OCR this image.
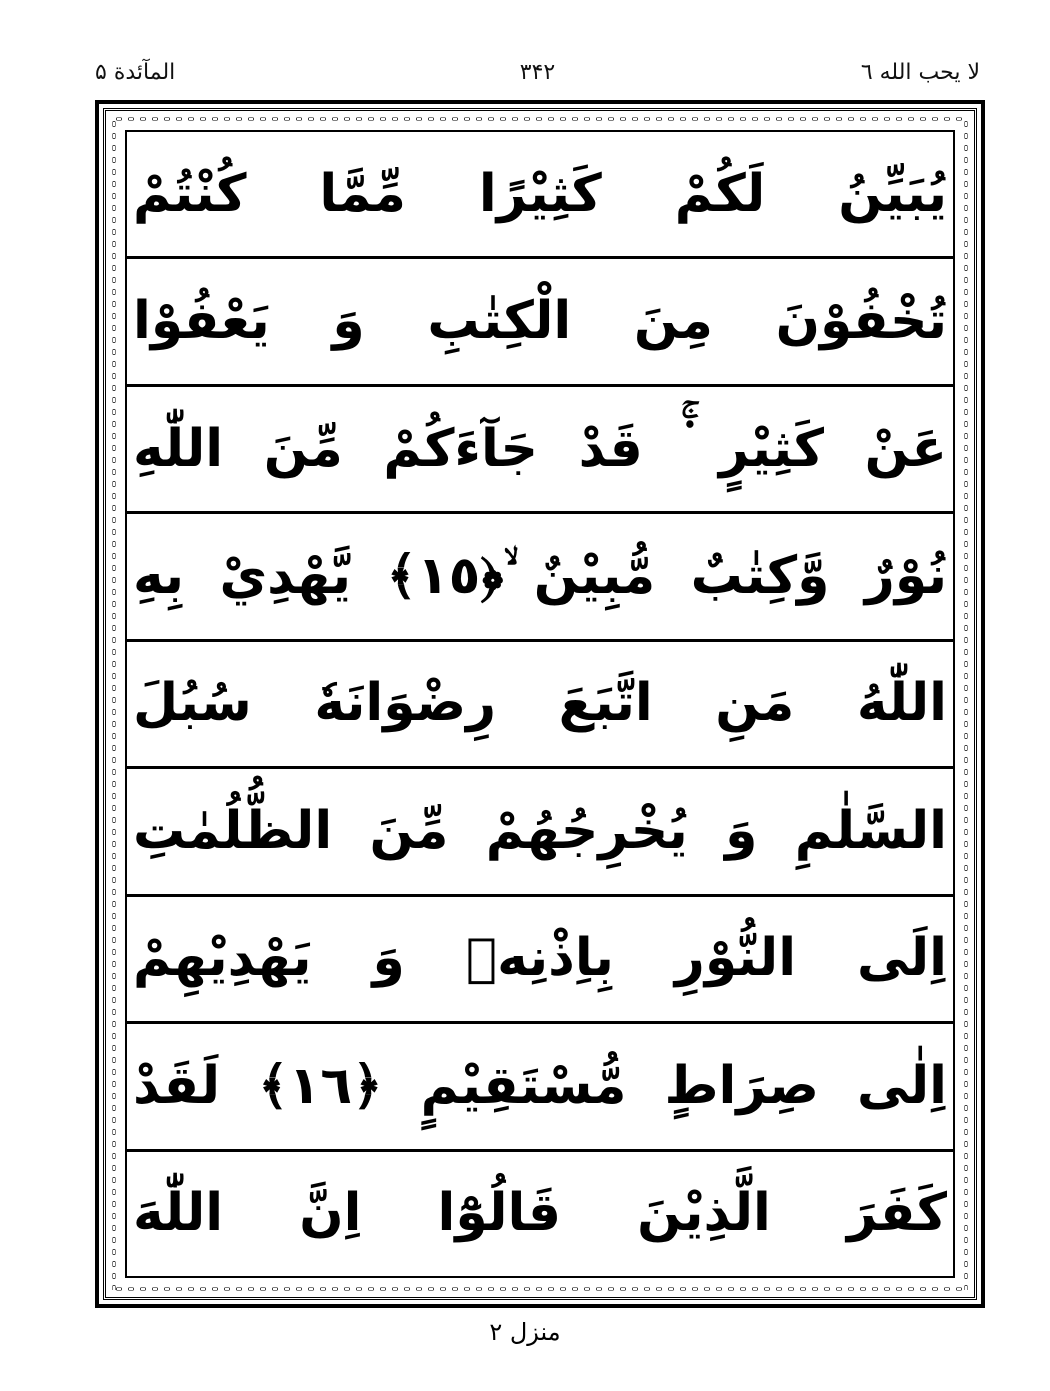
لا یحب الله ٦
٣۴٢
المآئدة ۵
يُبَيِّنُ لَكُمْ كَثِيْرًا مِّمَّا كُنْتُمْ
تُخْفُوْنَ مِنَ الْكِتٰبِ وَ يَعْفُوْا
عَنْ كَثِيْرٍ ۬ۚ قَدْ جَآءَكُمْ مِّنَ اللّٰهِ
نُوْرٌ وَّكِتٰبٌ مُّبِيْنٌ ۙ﴿١٥﴾ يَّهْدِيْ بِهِ
اللّٰهُ مَنِ اتَّبَعَ رِضْوَانَهٗ سُبُلَ
السَّلٰمِ وَ يُخْرِجُهُمْ مِّنَ الظُّلُمٰتِ
اِلَى النُّوْرِ بِاِذْنِهٖ وَ يَهْدِيْهِمْ
اِلٰى صِرَاطٍ مُّسْتَقِيْمٍ ﴿١٦﴾ لَقَدْ
كَفَرَ الَّذِيْنَ قَالُوْٓا اِنَّ اللّٰهَ
منزل ۲
